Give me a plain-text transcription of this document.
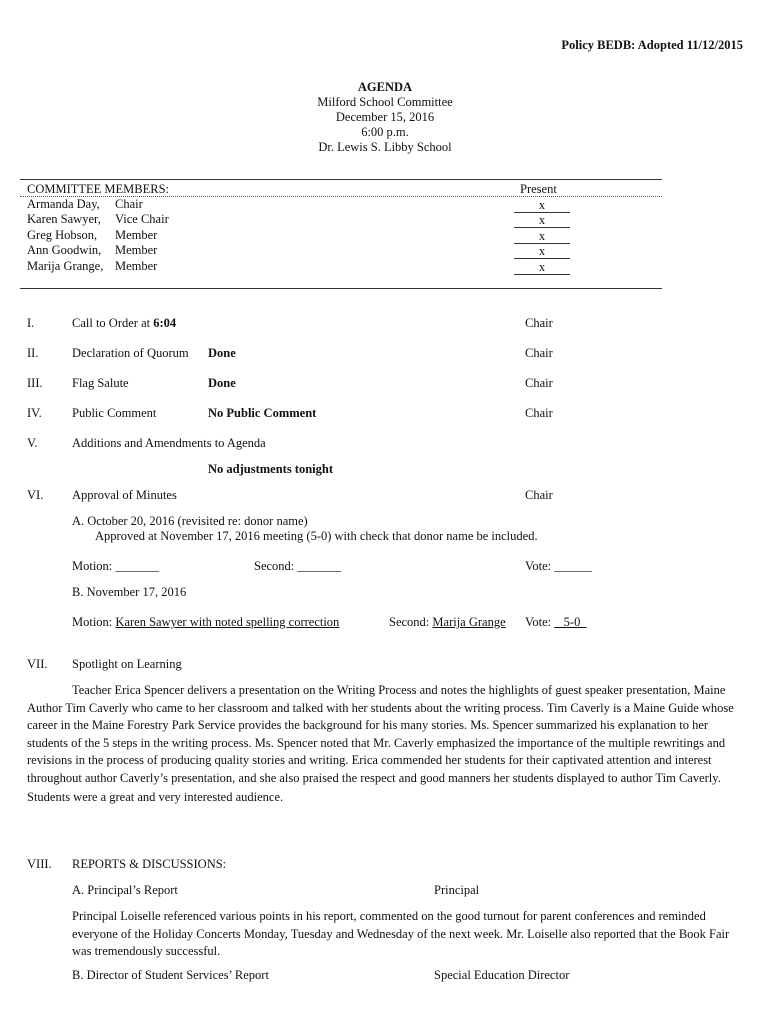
Policy BEDB: Adopted 11/12/2015
AGENDA
Milford School Committee
December 15, 2016
6:00 p.m.
Dr. Lewis S. Libby School
COMMITTEE MEMBERS:	Present
Armanda Day, Chair	x
Karen Sawyer, Vice Chair	x
Greg Hobson, Member	x
Ann Goodwin, Member	x
Marija Grange, Member	x
I.	Call to Order at 6:04	Chair
II.	Declaration of Quorum Done	Chair
III. Flag Salute	Done	Chair
IV. Public Comment	No Public Comment	Chair
V.	Additions and Amendments to Agenda
No adjustments tonight
VI. Approval of Minutes	Chair
A. October 20, 2016 (revisited re: donor name)
Approved at November 17, 2016 meeting (5-0) with check that donor name be included.
Motion: _______	Second: _______	Vote: ______
B. November 17, 2016
Motion: Karen Sawyer with noted spelling correction	Second: Marija Grange Vote:    5-0
VII. Spotlight on Learning
Teacher Erica Spencer delivers a presentation on the Writing Process and notes the highlights of guest speaker presentation, Maine Author Tim Caverly who came to her classroom and talked with her students about the writing process. Tim Caverly is a Maine Guide whose career in the Maine Forestry Park Service provides the background for his many stories. Ms. Spencer summarized his explanation to her students of the 5 steps in the writing process. Ms. Spencer noted that Mr. Caverly emphasized the importance of the multiple rewritings and revisions in the process of producing quality stories and writing. Erica commended her students for their captivated attention and interest throughout author Caverly’s presentation, and she also praised the respect and good manners her students displayed to author Tim Caverly.
Students were a great and very interested audience.
VIII. REPORTS & DISCUSSIONS:
A. Principal’s Report	Principal
Principal Loiselle referenced various points in his report, commented on the good turnout for parent conferences and reminded everyone of the Holiday Concerts Monday, Tuesday and Wednesday of the next week. Mr. Loiselle also reported that the Book Fair was tremendously successful.
B. Director of Student Services’ Report	Special Education Director
